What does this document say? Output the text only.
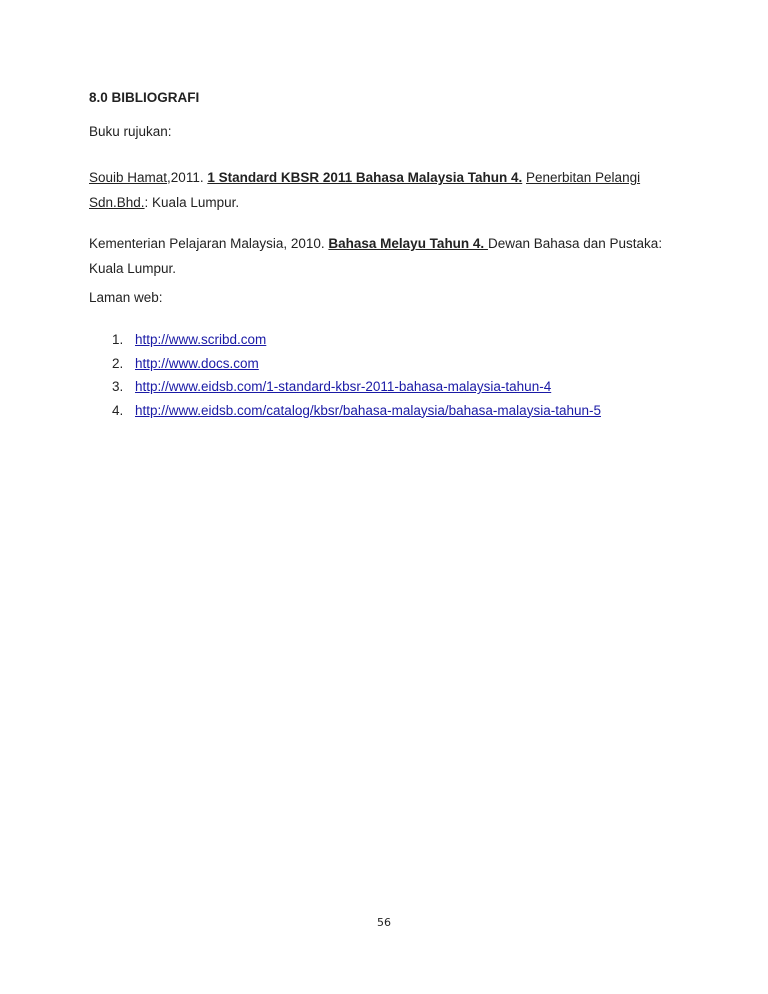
8.0 BIBLIOGRAFI
Buku rujukan:
Souib Hamat,2011. 1 Standard KBSR 2011 Bahasa Malaysia Tahun 4. Penerbitan Pelangi
Sdn.Bhd.: Kuala Lumpur.
Kementerian Pelajaran Malaysia, 2010. Bahasa Melayu Tahun 4. Dewan Bahasa dan Pustaka:
Kuala Lumpur.
Laman web:
1. http://www.scribd.com
2. http://www.docs.com
3. http://www.eidsb.com/1-standard-kbsr-2011-bahasa-malaysia-tahun-4
4. http://www.eidsb.com/catalog/kbsr/bahasa-malaysia/bahasa-malaysia-tahun-5
56
